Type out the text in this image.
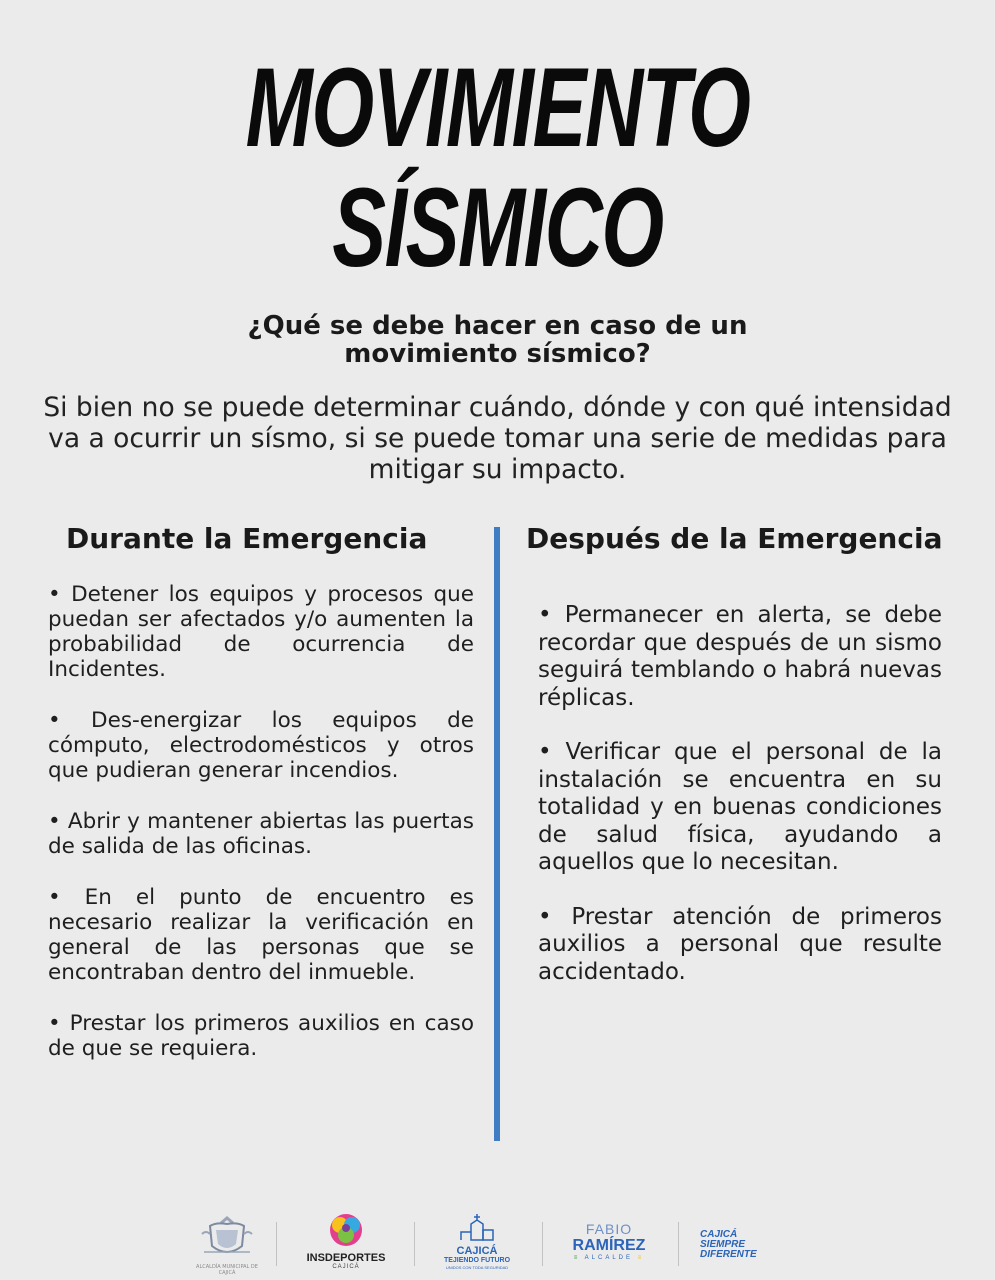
MOVIMIENTO
SÍSMICO
¿Qué se debe hacer en caso de un
movimiento sísmico?
Si bien no se puede determinar cuándo, dónde y con qué intensidad va a ocurrir un sísmo, si se puede tomar una serie de medidas para mitigar su impacto.
Durante la Emergencia	Después de la Emergencia
• Detener los equipos y procesos que puedan ser afectados y/o aumenten la probabilidad de ocurrencia de Incidentes.
• Des-energizar los equipos de cómputo, electrodomésticos y otros que pudieran generar incendios.
• Abrir y mantener abiertas las puertas de salida de las oficinas.
• En el punto de encuentro es necesario realizar la verificación en general de las personas que se encontraban dentro del inmueble.
• Prestar los primeros auxilios en caso de que se requiera.
• Permanecer en alerta, se debe recordar que después de un sismo seguirá temblando o habrá nuevas réplicas.
• Verificar que el personal de la instalación se encuentra en su totalidad y en buenas condiciones de salud física, ayudando a aquellos que lo necesitan.
• Prestar atención de primeros auxilios a personal que resulte accidentado.
ALCALDÍA MUNICIPAL DE CAJICÁ
INSDEPORTES
CAJICÁ
CAJICÁ
TEJIENDO FUTURO
UNIDOS CON TODA SEGURIDAD
FABIO
RAMÍREZ
≡ ALCALDE ≡
CAJICÁ
SIEMPRE
DIFERENTE
